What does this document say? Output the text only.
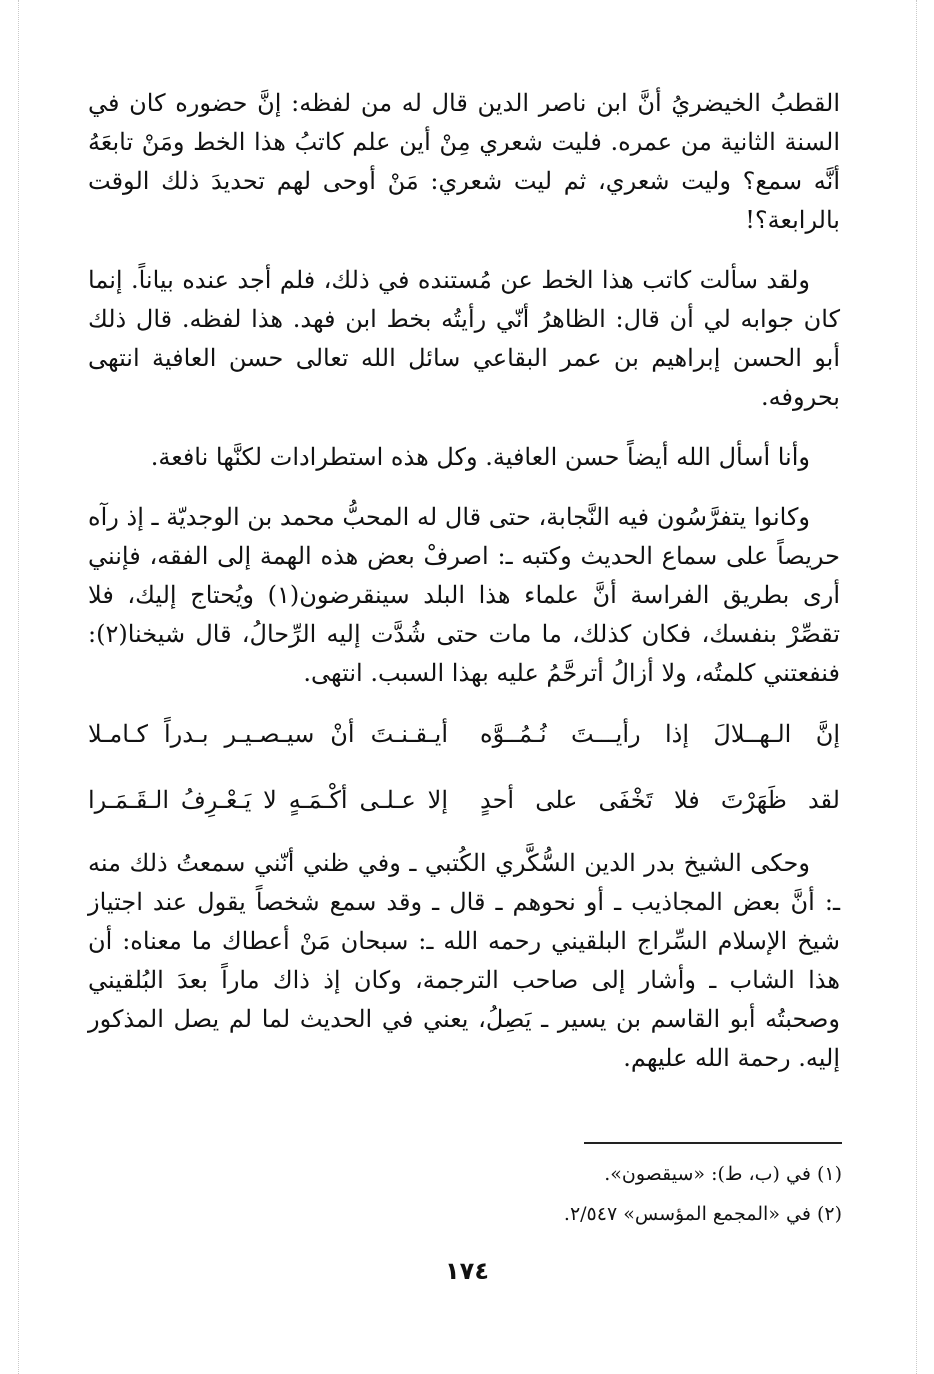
القطبُ الخيضريُ أنَّ ابن ناصر الدين قال له من لفظه: إنَّ حضوره كان في السنة الثانية من عمره. فليت شعري مِنْ أين علم كاتبُ هذا الخط ومَنْ تابعَهُ أنَّه سمع؟ وليت شعري، ثم ليت شعري: مَنْ أوحى لهم تحديدَ ذلك الوقت بالرابعة؟!

ولقد سألت كاتب هذا الخط عن مُستنده في ذلك، فلم أجد عنده بياناً. إنما كان جوابه لي أن قال: الظاهرُ أنّي رأيتُه بخط ابن فهد. هذا لفظه. قال ذلك أبو الحسن إبراهيم بن عمر البقاعي سائل الله تعالى حسن العافية انتهى بحروفه.

وأنا أسأل الله أيضاً حسن العافية. وكل هذه استطرادات لكنَّها نافعة.

وكانوا يتفرَّسُون فيه النَّجابة، حتى قال له المحبُّ محمد بن الوجديّة ـ إذ رآه حريصاً على سماع الحديث وكتبه ـ: اصرفْ بعض هذه الهمة إلى الفقه، فإنني أرى بطريق الفراسة أنَّ علماء هذا البلد سينقرضون(١) ويُحتاج إليك، فلا تقصِّرْ بنفسك، فكان كذلك، ما مات حتى شُدَّت إليه الرِّحالُ، قال شيخنا(٢): فنفعتني كلمتُه، ولا أزالُ أترحَّمُ عليه بهذا السبب. انتهى.

إنَّ الـهــلالَ إذا رأيـــتَ نُـمُــوَّه
أيـقـنـتَ أنْ سيـصـيـر بـدراً كـامـلا
لقد ظَهَرْتَ فلا تَخْفَى على أحدٍ
إلا عـلـى أكْـمَـهٍ لا يَـعْـرِفُ الـقَـمَـرا

وحكى الشيخ بدر الدين السُّكَّري الكُتبي ـ وفي ظني أنّني سمعتُ ذلك منه ـ: أنَّ بعض المجاذيب ـ أو نحوهم ـ قال ـ وقد سمع شخصاً يقول عند اجتياز شيخ الإسلام السِّراج البلقيني رحمه الله ـ: سبحان مَنْ أعطاك ما معناه: أن هذا الشاب ـ وأشار إلى صاحب الترجمة، وكان إذ ذاك ماراً بعدَ البُلقيني وصحبتُه أبو القاسم بن يسير ـ يَصِلُ، يعني في الحديث لما لم يصل المذكور إليه. رحمة الله عليهم.

(١) في (ب، ط): «سيقصون».

(٢) في «المجمع المؤسس» ٢/٥٤٧.

١٧٤
